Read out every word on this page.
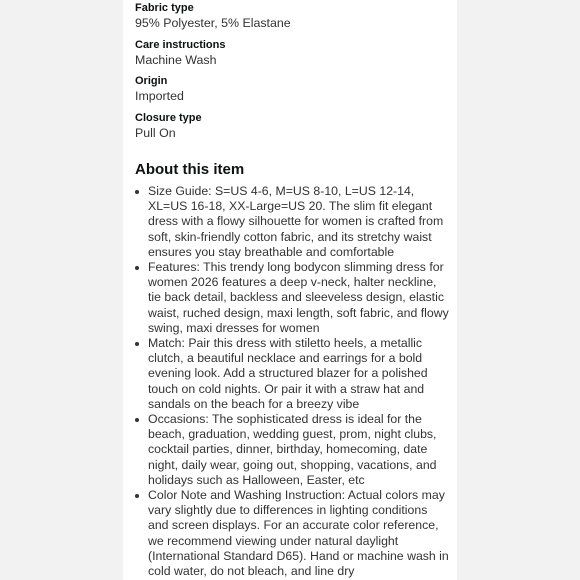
Fabric type
95% Polyester, 5% Elastane
Care instructions
Machine Wash
Origin
Imported
Closure type
Pull On
About this item
Size Guide: S=US 4-6, M=US 8-10, L=US 12-14, XL=US 16-18, XX-Large=US 20. The slim fit elegant dress with a flowy silhouette for women is crafted from soft, skin-friendly cotton fabric, and its stretchy waist ensures you stay breathable and comfortable
Features: This trendy long bodycon slimming dress for women 2026 features a deep v-neck, halter neckline, tie back detail, backless and sleeveless design, elastic waist, ruched design, maxi length, soft fabric, and flowy swing, maxi dresses for women
Match: Pair this dress with stiletto heels, a metallic clutch, a beautiful necklace and earrings for a bold evening look. Add a structured blazer for a polished touch on cold nights. Or pair it with a straw hat and sandals on the beach for a breezy vibe
Occasions: The sophisticated dress is ideal for the beach, graduation, wedding guest, prom, night clubs, cocktail parties, dinner, birthday, homecoming, date night, daily wear, going out, shopping, vacations, and holidays such as Halloween, Easter, etc
Color Note and Washing Instruction: Actual colors may vary slightly due to differences in lighting conditions and screen displays. For an accurate color reference, we recommend viewing under natural daylight (International Standard D65). Hand or machine wash in cold water, do not bleach, and line dry
